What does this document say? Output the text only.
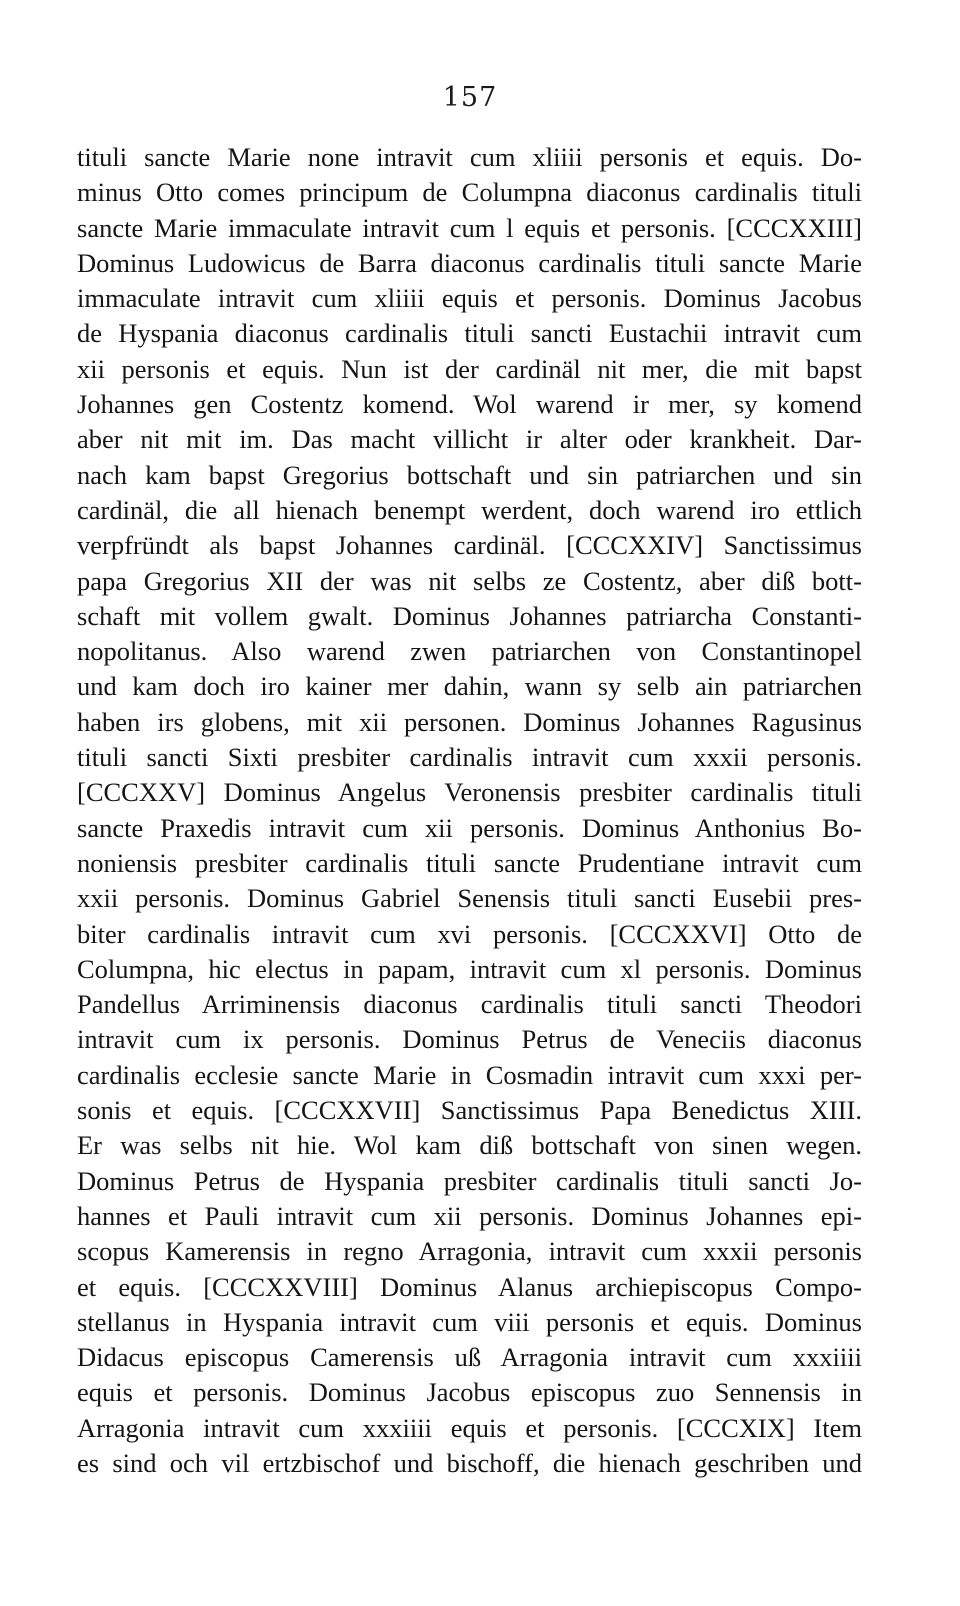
157
tituli sancte Marie none intravit cum xliiii personis et equis. Do-
minus Otto comes principum de Columpna diaconus cardinalis tituli
sancte Marie immaculate intravit cum l equis et personis. [CCCXXIII]
Dominus Ludowicus de Barra diaconus cardinalis tituli sancte Marie
immaculate intravit cum xliiii equis et personis. Dominus Jacobus
de Hyspania diaconus cardinalis tituli sancti Eustachii intravit cum
xii personis et equis. Nun ist der cardinäl nit mer, die mit bapst
Johannes gen Costentz komend. Wol warend ir mer, sy komend
aber nit mit im. Das macht villicht ir alter oder krankheit. Dar-
nach kam bapst Gregorius bottschaft und sin patriarchen und sin
cardinäl, die all hienach benempt werdent, doch warend iro ettlich
verpfründt als bapst Johannes cardinäl. [CCCXXIV] Sanctissimus
papa Gregorius XII der was nit selbs ze Costentz, aber diß bott-
schaft mit vollem gwalt. Dominus Johannes patriarcha Constanti-
nopolitanus. Also warend zwen patriarchen von Constantinopel
und kam doch iro kainer mer dahin, wann sy selb ain patriarchen
haben irs globens, mit xii personen. Dominus Johannes Ragusinus
tituli sancti Sixti presbiter cardinalis intravit cum xxxii personis.
[CCCXXV] Dominus Angelus Veronensis presbiter cardinalis tituli
sancte Praxedis intravit cum xii personis. Dominus Anthonius Bo-
noniensis presbiter cardinalis tituli sancte Prudentiane intravit cum
xxii personis. Dominus Gabriel Senensis tituli sancti Eusebii pres-
biter cardinalis intravit cum xvi personis. [CCCXXVI] Otto de
Columpna, hic electus in papam, intravit cum xl personis. Dominus
Pandellus Arriminensis diaconus cardinalis tituli sancti Theodori
intravit cum ix personis. Dominus Petrus de Veneciis diaconus
cardinalis ecclesie sancte Marie in Cosmadin intravit cum xxxi per-
sonis et equis. [CCCXXVII] Sanctissimus Papa Benedictus XIII.
Er was selbs nit hie. Wol kam diß bottschaft von sinen wegen.
Dominus Petrus de Hyspania presbiter cardinalis tituli sancti Jo-
hannes et Pauli intravit cum xii personis. Dominus Johannes epi-
scopus Kamerensis in regno Arragonia, intravit cum xxxii personis
et equis. [CCCXXVIII] Dominus Alanus archiepiscopus Compo-
stellanus in Hyspania intravit cum viii personis et equis. Dominus
Didacus episcopus Camerensis uß Arragonia intravit cum xxxiiii
equis et personis. Dominus Jacobus episcopus zuo Sennensis in
Arragonia intravit cum xxxiiii equis et personis. [CCCXIX] Item
es sind och vil ertzbischof und bischoff, die hienach geschriben und
